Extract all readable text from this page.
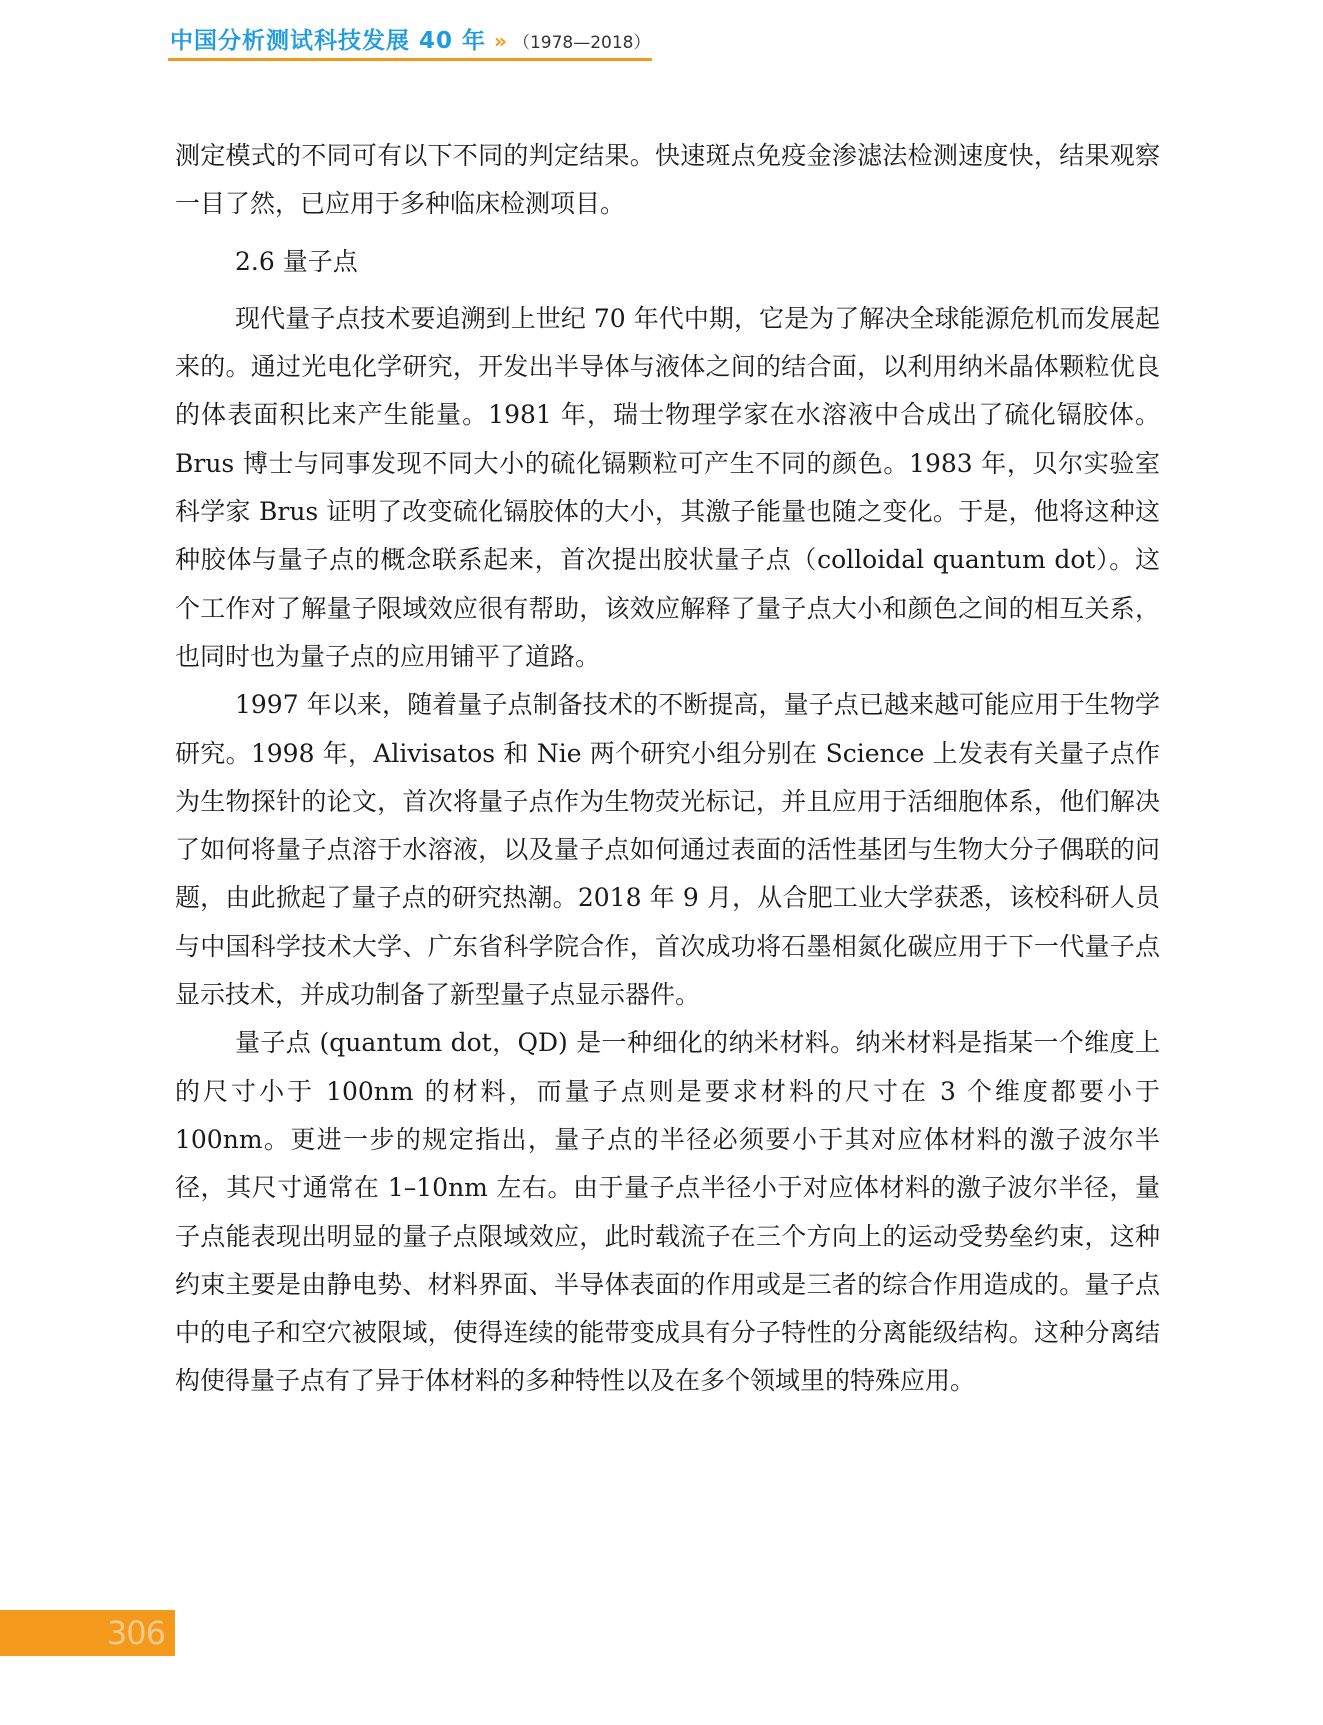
中国分析测试科技发展 40 年 » （1978—2018）

测定模式的不同可有以下不同的判定结果。快速斑点免疫金渗滤法检测速度快，结果观察一目了然，已应用于多种临床检测项目。

2.6 量子点

现代量子点技术要追溯到上世纪 70 年代中期，它是为了解决全球能源危机而发展起来的。通过光电化学研究，开发出半导体与液体之间的结合面，以利用纳米晶体颗粒优良的体表面积比来产生能量。1981 年，瑞士物理学家在水溶液中合成出了硫化镉胶体。Brus 博士与同事发现不同大小的硫化镉颗粒可产生不同的颜色。1983 年，贝尔实验室科学家 Brus 证明了改变硫化镉胶体的大小，其激子能量也随之变化。于是，他将这种这种胶体与量子点的概念联系起来，首次提出胶状量子点（colloidal quantum dot）。这个工作对了解量子限域效应很有帮助，该效应解释了量子点大小和颜色之间的相互关系，也同时也为量子点的应用铺平了道路。

1997 年以来，随着量子点制备技术的不断提高，量子点已越来越可能应用于生物学研究。1998 年，Alivisatos 和 Nie 两个研究小组分别在 Science 上发表有关量子点作为生物探针的论文，首次将量子点作为生物荧光标记，并且应用于活细胞体系，他们解决了如何将量子点溶于水溶液，以及量子点如何通过表面的活性基团与生物大分子偶联的问题，由此掀起了量子点的研究热潮。2018 年 9 月，从合肥工业大学获悉，该校科研人员与中国科学技术大学、广东省科学院合作，首次成功将石墨相氮化碳应用于下一代量子点显示技术，并成功制备了新型量子点显示器件。

量子点 (quantum dot，QD) 是一种细化的纳米材料。纳米材料是指某一个维度上的尺寸小于 100nm 的材料，而量子点则是要求材料的尺寸在 3 个维度都要小于 100nm。更进一步的规定指出，量子点的半径必须要小于其对应体材料的激子波尔半径，其尺寸通常在 1–10nm 左右。由于量子点半径小于对应体材料的激子波尔半径，量子点能表现出明显的量子点限域效应，此时载流子在三个方向上的运动受势垒约束，这种约束主要是由静电势、材料界面、半导体表面的作用或是三者的综合作用造成的。量子点中的电子和空穴被限域，使得连续的能带变成具有分子特性的分离能级结构。这种分离结构使得量子点有了异于体材料的多种特性以及在多个领域里的特殊应用。

306
